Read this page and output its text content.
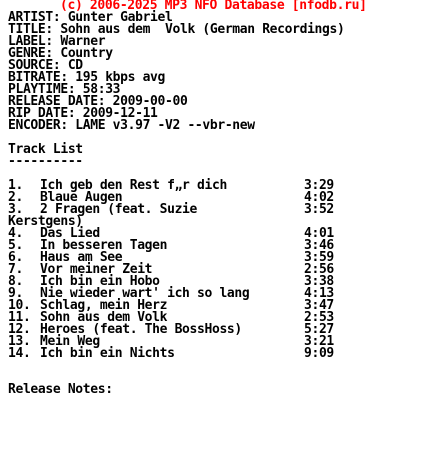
(c) 2006-2025 MP3 NFO Database [nfodb.ru]
ARTIST: Gunter Gabriel
TITLE: Sohn aus dem  Volk (German Recordings)
LABEL: Warner
GENRE: Country
SOURCE: CD
BITRATE: 195 kbps avg
PLAYTIME: 58:33
RELEASE DATE: 2009-00-00
RIP DATE: 2009-12-11
ENCODER: LAME v3.97 -V2 --vbr-new
Track List
----------
1. Ich geb den Rest f„r dich	3:29
2. Blaue Augen	4:02
3. 2 Fragen (feat. Suzie	3:52
Kerstgens)
4. Das Lied	4:01
5. In besseren Tagen	3:46
6. Haus am See	3:59
7. Vor meiner Zeit	2:56
8. Ich bin ein Hobo	3:38
9. Nie wieder wart' ich so lang	4:13
10. Schlag, mein Herz	3:47
11. Sohn aus dem Volk	2:53
12. Heroes (feat. The BossHoss)	5:27
13. Mein Weg	3:21
14. Ich bin ein Nichts	9:09
Release Notes:
